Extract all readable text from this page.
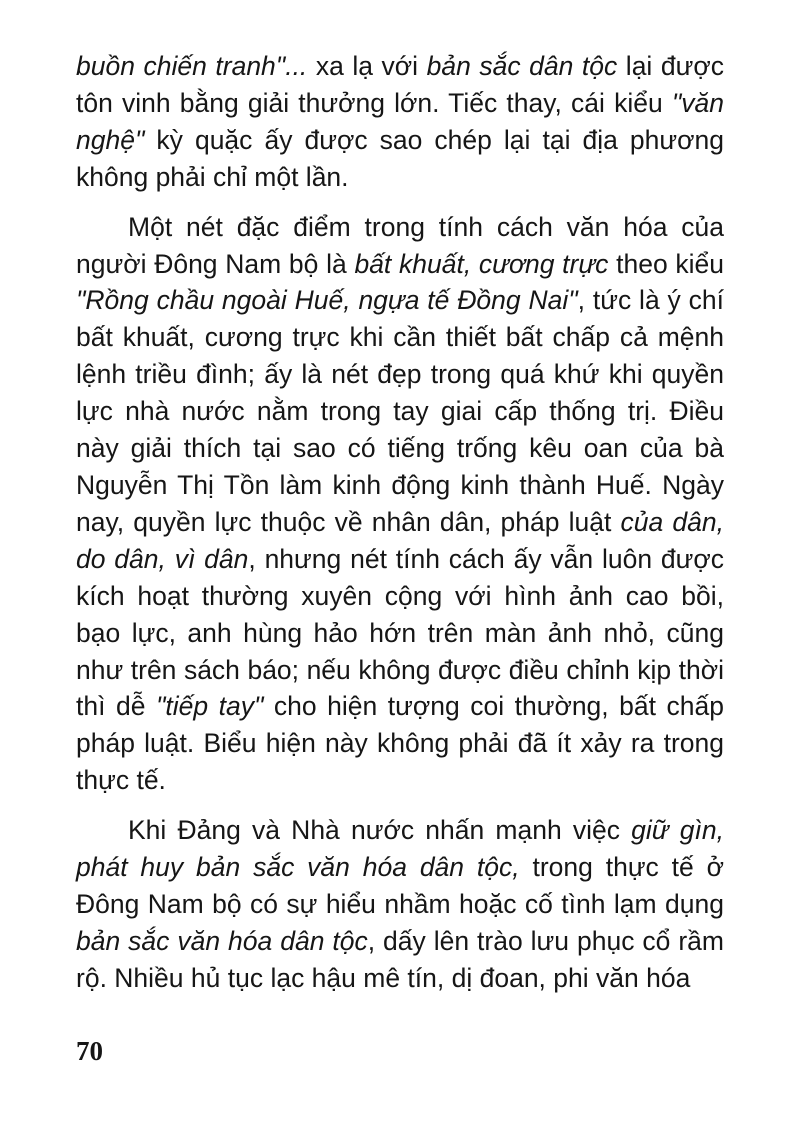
buồn chiến tranh"... xa lạ với bản sắc dân tộc lại được tôn vinh bằng giải thưởng lớn. Tiếc thay, cái kiểu "văn nghệ" kỳ quặc ấy được sao chép lại tại địa phương không phải chỉ một lần.

Một nét đặc điểm trong tính cách văn hóa của người Đông Nam bộ là bất khuất, cương trực theo kiểu "Rồng chầu ngoài Huế, ngựa tế Đồng Nai", tức là ý chí bất khuất, cương trực khi cần thiết bất chấp cả mệnh lệnh triều đình; ấy là nét đẹp trong quá khứ khi quyền lực nhà nước nằm trong tay giai cấp thống trị. Điều này giải thích tại sao có tiếng trống kêu oan của bà Nguyễn Thị Tồn làm kinh động kinh thành Huế. Ngày nay, quyền lực thuộc về nhân dân, pháp luật của dân, do dân, vì dân, nhưng nét tính cách ấy vẫn luôn được kích hoạt thường xuyên cộng với hình ảnh cao bồi, bạo lực, anh hùng hảo hớn trên màn ảnh nhỏ, cũng như trên sách báo; nếu không được điều chỉnh kịp thời thì dễ "tiếp tay" cho hiện tượng coi thường, bất chấp pháp luật. Biểu hiện này không phải đã ít xảy ra trong thực tế.

Khi Đảng và Nhà nước nhấn mạnh việc giữ gìn, phát huy bản sắc văn hóa dân tộc, trong thực tế ở Đông Nam bộ có sự hiểu nhầm hoặc cố tình lạm dụng bản sắc văn hóa dân tộc, dấy lên trào lưu phục cổ rầm rộ. Nhiều hủ tục lạc hậu mê tín, dị đoan, phi văn hóa

70
